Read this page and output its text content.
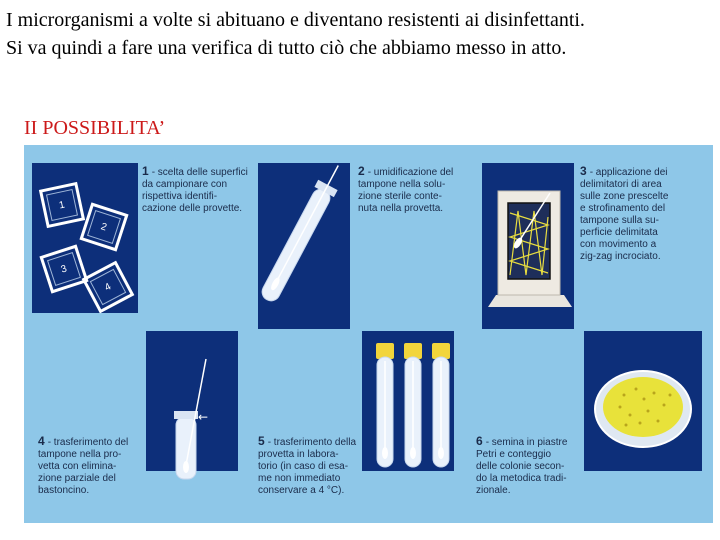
I microrganismi a volte si abituano e diventano resistenti ai disinfettanti.
Si va quindi a fare una verifica di tutto ciò che abbiamo messo in atto.
II POSSIBILITA’
1
2
3
4
←
1 - scelta delle superfici
da campionare con
rispettiva identifi-
cazione delle provette.
2 - umidificazione del
tampone nella solu-
zione sterile conte-
nuta nella provetta.
3 - applicazione dei
delimitatori di area
sulle zone prescelte
e strofinamento del
tampone sulla su-
perficie delimitata
con movimento a
zig-zag incrociato.
4 - trasferimento del
tampone nella pro-
vetta con elimina-
zione parziale del
bastoncino.
5 - trasferimento della
provetta in labora-
torio (in caso di esa-
me non immediato
conservare a 4 °C).
6 - semina in piastre
Petri e conteggio
delle colonie secon-
do la metodica tradi-
zionale.
